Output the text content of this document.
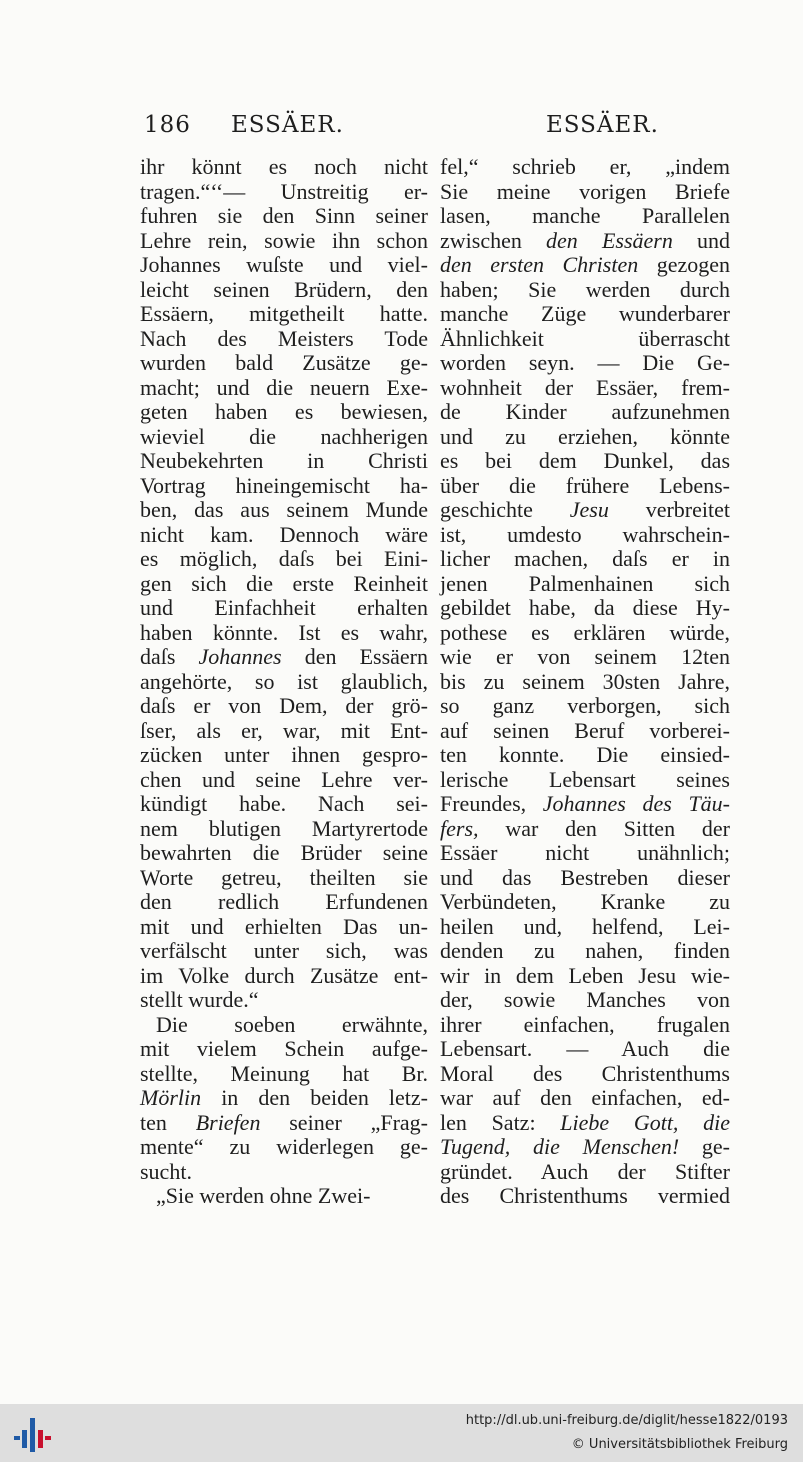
186 ESSÄER.	ESSÄER.
ihr könnt es noch nicht
tragen.“‘‘— Unstreitig er-
fuhren sie den Sinn seiner
Lehre rein, sowie ihn schon
Johannes wuſste und viel-
leicht seinen Brüdern, den
Essäern, mitgetheilt hatte.
Nach des Meisters Tode
wurden bald Zusätze ge-
macht; und die neuern Exe-
geten haben es bewiesen,
wieviel die nachherigen
Neubekehrten in Christi
Vortrag hineingemischt ha-
ben, das aus seinem Munde
nicht kam. Dennoch wäre
es möglich, daſs bei Eini-
gen sich die erste Reinheit
und Einfachheit erhalten
haben könnte. Ist es wahr,
daſs Johannes den Essäern
angehörte, so ist glaublich,
daſs er von Dem, der grö-
ſser, als er, war, mit Ent-
zücken unter ihnen gespro-
chen und seine Lehre ver-
kündigt habe. Nach sei-
nem blutigen Martyrertode
bewahrten die Brüder seine
Worte getreu, theilten sie
den redlich Erfundenen
mit und erhielten Das un-
verfälscht unter sich, was
im Volke durch Zusätze ent-
stellt wurde.“
Die soeben erwähnte,
mit vielem Schein aufge-
stellte, Meinung hat Br.
Mörlin in den beiden letz-
ten Briefen seiner „Frag-
mente“ zu widerlegen ge-
sucht.
„Sie werden ohne Zwei-
fel,“ schrieb er, „indem
Sie meine vorigen Briefe
lasen, manche Parallelen
zwischen den Essäern und
den ersten Christen gezogen
haben; Sie werden durch
manche Züge wunderbarer
Ähnlichkeit überrascht
worden seyn. — Die Ge-
wohnheit der Essäer, frem-
de Kinder aufzunehmen
und zu erziehen, könnte
es bei dem Dunkel, das
über die frühere Lebens-
geschichte Jesu verbreitet
ist, umdesto wahrschein-
licher machen, daſs er in
jenen Palmenhainen sich
gebildet habe, da diese Hy-
pothese es erklären würde,
wie er von seinem 12ten
bis zu seinem 30sten Jahre,
so ganz verborgen, sich
auf seinen Beruf vorberei-
ten konnte. Die einsied-
lerische Lebensart seines
Freundes, Johannes des Täu-
fers, war den Sitten der
Essäer nicht unähnlich;
und das Bestreben dieser
Verbündeten, Kranke zu
heilen und, helfend, Lei-
denden zu nahen, finden
wir in dem Leben Jesu wie-
der, sowie Manches von
ihrer einfachen, frugalen
Lebensart. — Auch die
Moral des Christenthums
war auf den einfachen, ed-
len Satz: Liebe Gott, die
Tugend, die Menschen! ge-
gründet. Auch der Stifter
des Christenthums vermied
http://dl.ub.uni-freiburg.de/diglit/hesse1822/0193
© Universitätsbibliothek Freiburg
